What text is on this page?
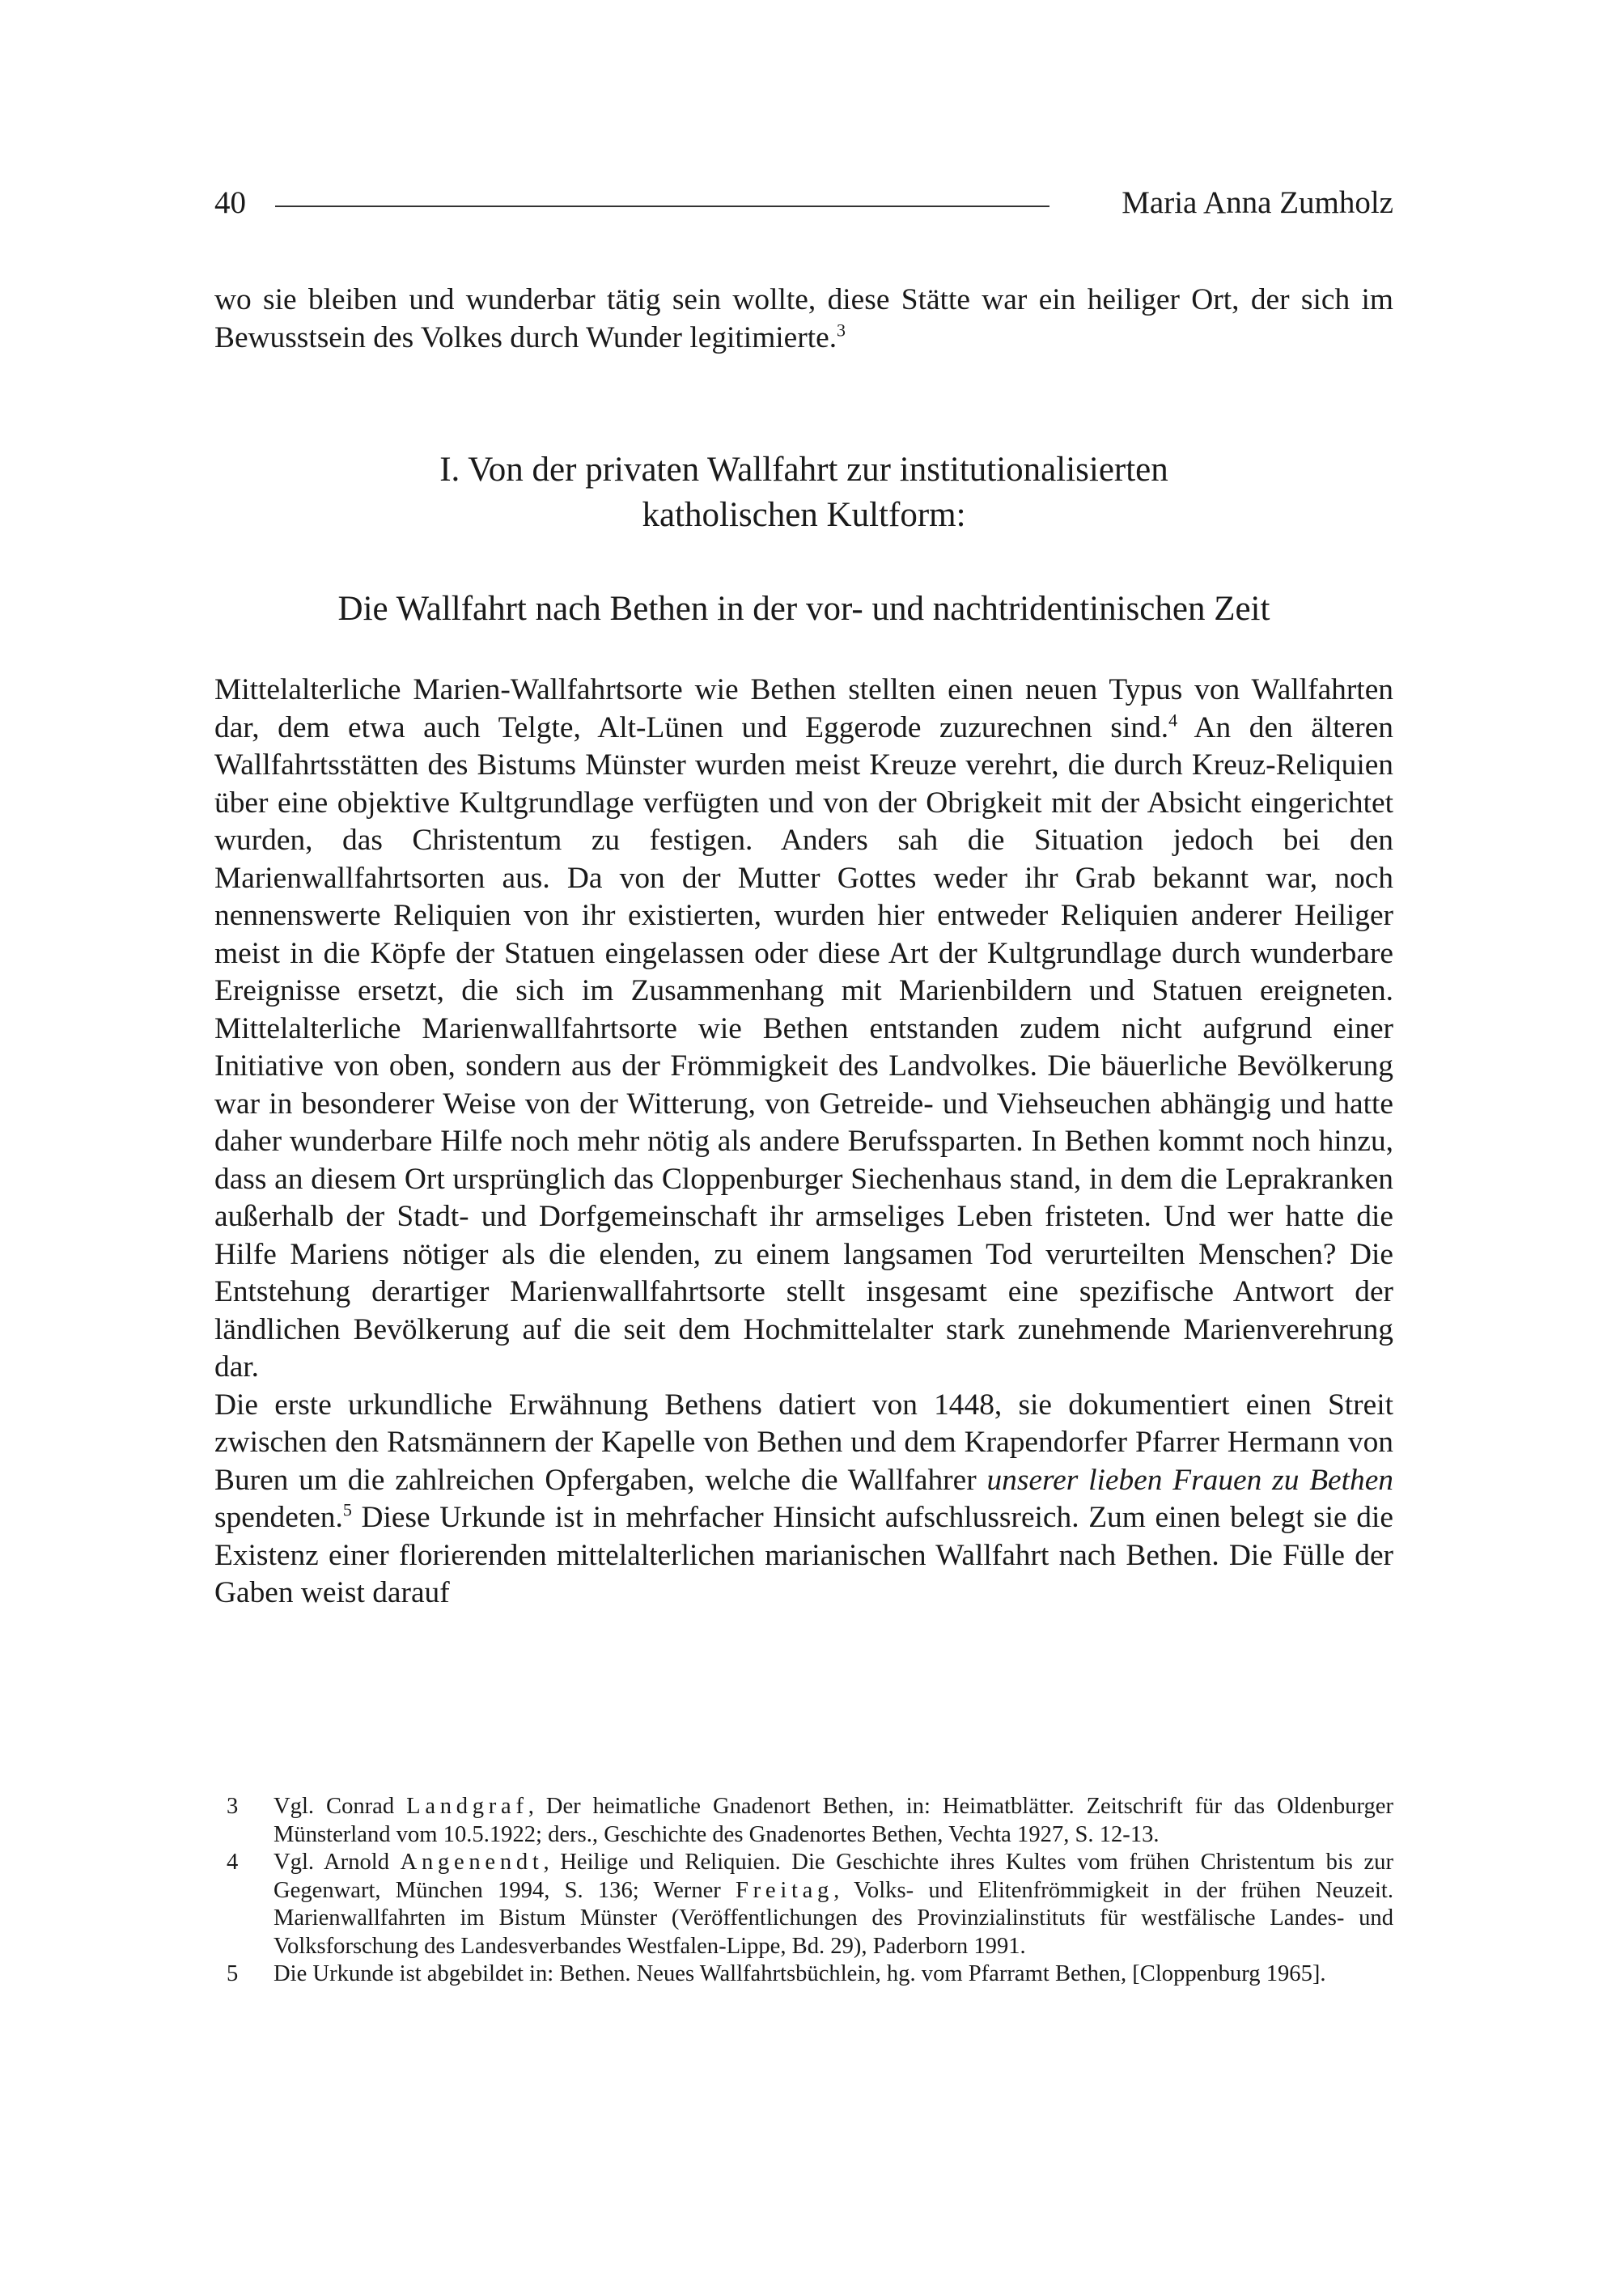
40	Maria Anna Zumholz

wo sie bleiben und wunderbar tätig sein wollte, diese Stätte war ein heiliger Ort, der sich im Bewusstsein des Volkes durch Wunder legitimierte.$^3$

I. Von der privaten Wallfahrt zur institutionalisierten
katholischen Kultform:
Die Wallfahrt nach Bethen in der vor- und nachtridentinischen Zeit

Mittelalterliche Marien-Wallfahrtsorte wie Bethen stellten einen neuen Typus von Wallfahrten dar, dem etwa auch Telgte, Alt-Lünen und Eggerode zuzurechnen sind.$^4$ An den älteren Wallfahrtsstätten des Bistums Münster wurden meist Kreuze verehrt, die durch Kreuz-Reliquien über eine objektive Kultgrundlage verfügten und von der Obrigkeit mit der Absicht eingerichtet wurden, das Christentum zu festigen. Anders sah die Situation jedoch bei den Marienwallfahrtsorten aus. Da von der Mutter Gottes weder ihr Grab bekannt war, noch nennenswerte Reliquien von ihr existierten, wurden hier entweder Reliquien anderer Heiliger meist in die Köpfe der Statuen eingelassen oder diese Art der Kultgrundlage durch wunderbare Ereignisse ersetzt, die sich im Zusammenhang mit Marienbildern und Statuen ereigneten. Mittelalterliche Marienwallfahrtsorte wie Bethen entstanden zudem nicht aufgrund einer Initiative von oben, sondern aus der Frömmigkeit des Landvolkes. Die bäuerliche Bevölkerung war in besonderer Weise von der Witterung, von Getreide- und Viehseuchen abhängig und hatte daher wunderbare Hilfe noch mehr nötig als andere Berufssparten. In Bethen kommt noch hinzu, dass an diesem Ort ursprünglich das Cloppenburger Siechenhaus stand, in dem die Leprakranken außerhalb der Stadt- und Dorfgemeinschaft ihr armseliges Leben fristeten. Und wer hatte die Hilfe Mariens nötiger als die elenden, zu einem langsamen Tod verurteilten Menschen? Die Entstehung derartiger Marienwallfahrtsorte stellt insgesamt eine spezifische Antwort der ländlichen Bevölkerung auf die seit dem Hochmittelalter stark zunehmende Marienverehrung dar.

Die erste urkundliche Erwähnung Bethens datiert von 1448, sie dokumentiert einen Streit zwischen den Ratsmännern der Kapelle von Bethen und dem Krapendorfer Pfarrer Hermann von Buren um die zahlreichen Opfergaben, welche die Wallfahrer unserer lieben Frauen zu Bethen spendeten.$^5$ Diese Urkunde ist in mehrfacher Hinsicht aufschlussreich. Zum einen belegt sie die Existenz einer florierenden mittelalterlichen marianischen Wallfahrt nach Bethen. Die Fülle der Gaben weist darauf

3	Vgl. Conrad Landgraf, Der heimatliche Gnadenort Bethen, in: Heimatblätter. Zeitschrift für das Oldenburger Münsterland vom 10.5.1922; ders., Geschichte des Gnadenortes Bethen, Vechta 1927, S. 12-13.
4	Vgl. Arnold Angenendt, Heilige und Reliquien. Die Geschichte ihres Kultes vom frühen Christentum bis zur Gegenwart, München 1994, S. 136; Werner Freitag, Volks- und Elitenfrömmigkeit in der frühen Neuzeit. Marienwallfahrten im Bistum Münster (Veröffentlichungen des Provinzialinstituts für westfälische Landes- und Volksforschung des Landesverbandes Westfalen-Lippe, Bd. 29), Paderborn 1991.
5	Die Urkunde ist abgebildet in: Bethen. Neues Wallfahrtsbüchlein, hg. vom Pfarramt Bethen, [Cloppenburg 1965].
